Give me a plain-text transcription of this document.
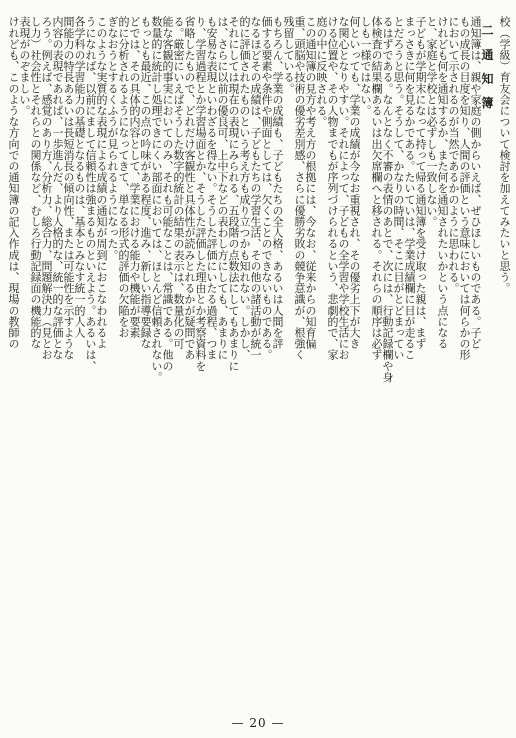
校（学級）育友会について検討を加えてみたいと思う。
二　通　知　簿
通知簿は、親や家庭の側からいえば、ぜひほしいものである。子ど
もの成長の目度を知り、人間の評価という意味においては何らかの形
において示されるのが当然であるかのように思われる。
けれども何を通知するか、また何を通知されたいかという点になる
と、家庭と学校とは必ずしも一致しない。
子どもが学期末になって持って帰る通知簿を受け取った親は、まず
まっさきに何を見るかである。たいていは、学業成績欄に目が走るこ
とだろうと思う。そうして、かなりの時間、そこに目がとどまってい
るはずである。なんとなく不審の表情のあとで、次には、行動記録欄や身
体検査の結果欄あるいは出欠席欄へと移される。それらの順序は必ず
しも一様ではない。
何といっても、学業の成績が今なお重視され、その優劣上下が大き
な関心となりやすい。それによって、子どもの全学習や学校生活にお
ける位置や、その人物までもが序列づけられるという、悲劇的で、家
庭の中に反映される。
この通知簿の見方や考え方の根拠には、今なお、従来からの知育偏
重、頭脳や技術の優劣差別感、さらに優勝劣敗の競争意識が、根強く
残留している。
もちろん、学業の成績も、子どもたちの全人格、あるいは人間を評
価する要素や条件や側面としては、欠くことのできないものである。
なるほどその成績は、子どもたちの学習生活、その他の諸活動が統一
的に評価されたものという考え方も成り立つかも知れない。しかし、
それにしては現在の表現にみられる、五段階の点数法にしてもあまりに
は、さらに以前の優良可、上中下などの表わし方にしても、あまりに
も安易な表現といわざるを得ない。そうした評価にいたる過程、つま
り、学習過程とか学習場面とか、そうした評価した理由とか考察資料を
省略したもので、どれだけ客観性と具体性が読みとれるかが疑問であ
る。厳密にいえばそうした数字的統計の結果の表示は、数量化の可
能な客観的事実においてのみ、それも可能なことは、常識である。他の
数量的に統計し処理できにくい部面においては、ほとんど信頼されない。
もっとも最近、この点の吟味がある程度、進み、新しい指導要録な
どでは、その具体的内容として、学業における能力や機能が要素
的に分析されるようになってきて、単なる形式的評価の欠陥をお
ぎなおうとするくふうが見られるようになった。
このような実質的な表現による成績の通知が周到におこなわれるよ
うになれば、以前にまして信頼性は強まるものといえよう。あるいは、
各学科の学習能力の基礎となるものは、基本とみなす統一的人人
間能力の特長あるいは長短消長の傾向性、または可能性を示すような
内容の表現であれば、一歩進んだ、より人格的な、統一的な評価とな
ろう。例えば、感覚のあり方、分析力、総合力、問題解決力（見とお
し力）社会性とそれらとの関係など、むしろ行動記録面の機能的な
表現がのぞましい。
けれども、このような方向での通知簿の記入作成は、現場の教師の
— 20 —
